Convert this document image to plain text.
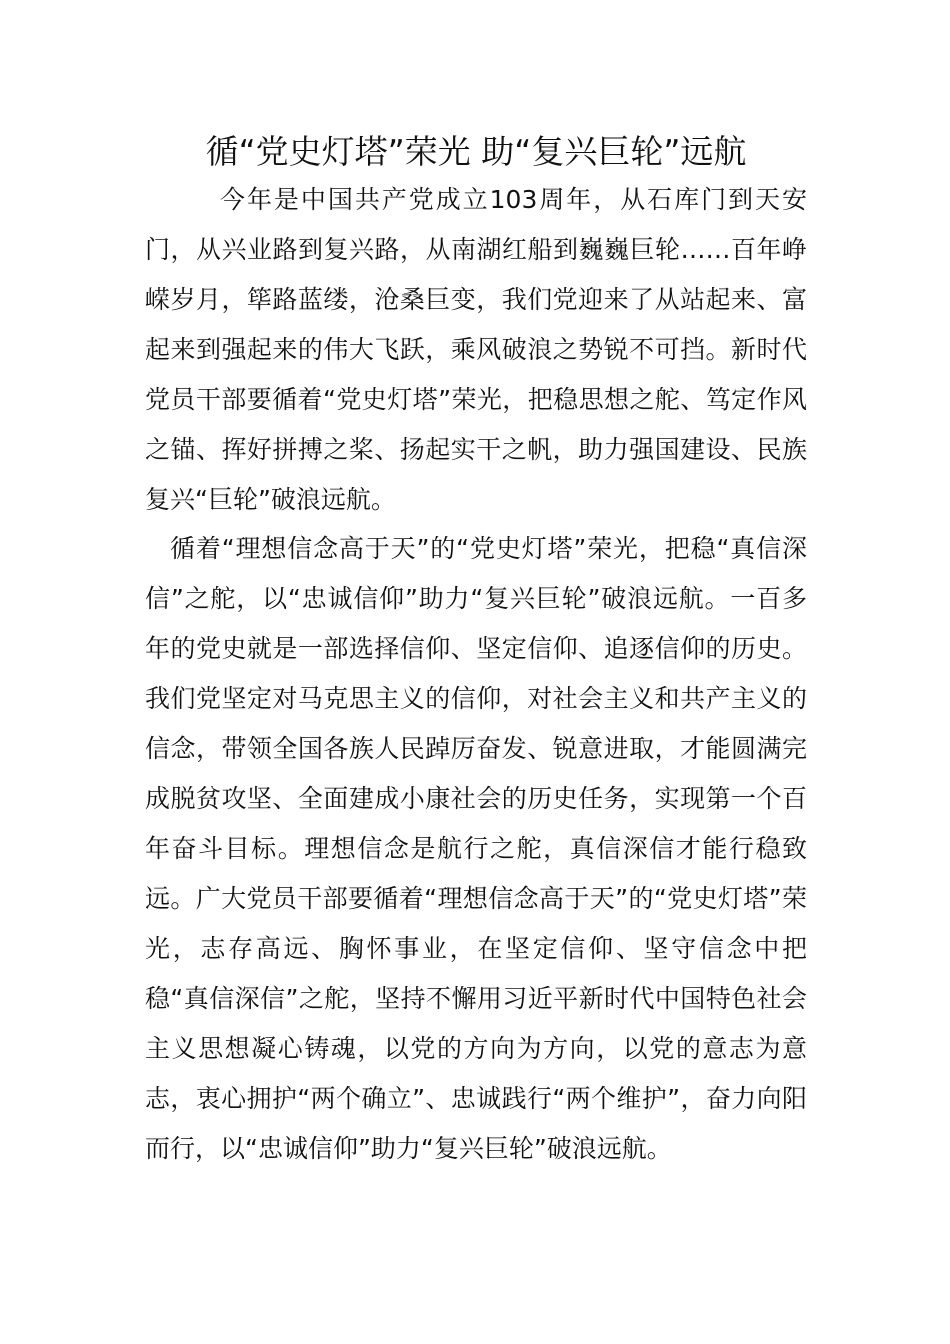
循“党史灯塔”荣光 助“复兴巨轮”远航

今年是中国共产党成立103周年，从石库门到天安门，从兴业路到复兴路，从南湖红船到巍巍巨轮……百年峥嵘岁月，筚路蓝缕，沧桑巨变，我们党迎来了从站起来、富起来到强起来的伟大飞跃，乘风破浪之势锐不可挡。新时代党员干部要循着“党史灯塔”荣光，把稳思想之舵、笃定作风之锚、挥好拼搏之桨、扬起实干之帆，助力强国建设、民族复兴“巨轮”破浪远航。

循着“理想信念高于天”的“党史灯塔”荣光，把稳“真信深信”之舵，以“忠诚信仰”助力“复兴巨轮”破浪远航。一百多年的党史就是一部选择信仰、坚定信仰、追逐信仰的历史。我们党坚定对马克思主义的信仰，对社会主义和共产主义的信念，带领全国各族人民踔厉奋发、锐意进取，才能圆满完成脱贫攻坚、全面建成小康社会的历史任务，实现第一个百年奋斗目标。理想信念是航行之舵，真信深信才能行稳致远。广大党员干部要循着“理想信念高于天”的“党史灯塔”荣光，志存高远、胸怀事业，在坚定信仰、坚守信念中把稳“真信深信”之舵，坚持不懈用习近平新时代中国特色社会主义思想凝心铸魂，以党的方向为方向，以党的意志为意志，衷心拥护“两个确立”、忠诚践行“两个维护”，奋力向阳而行，以“忠诚信仰”助力“复兴巨轮”破浪远航。
